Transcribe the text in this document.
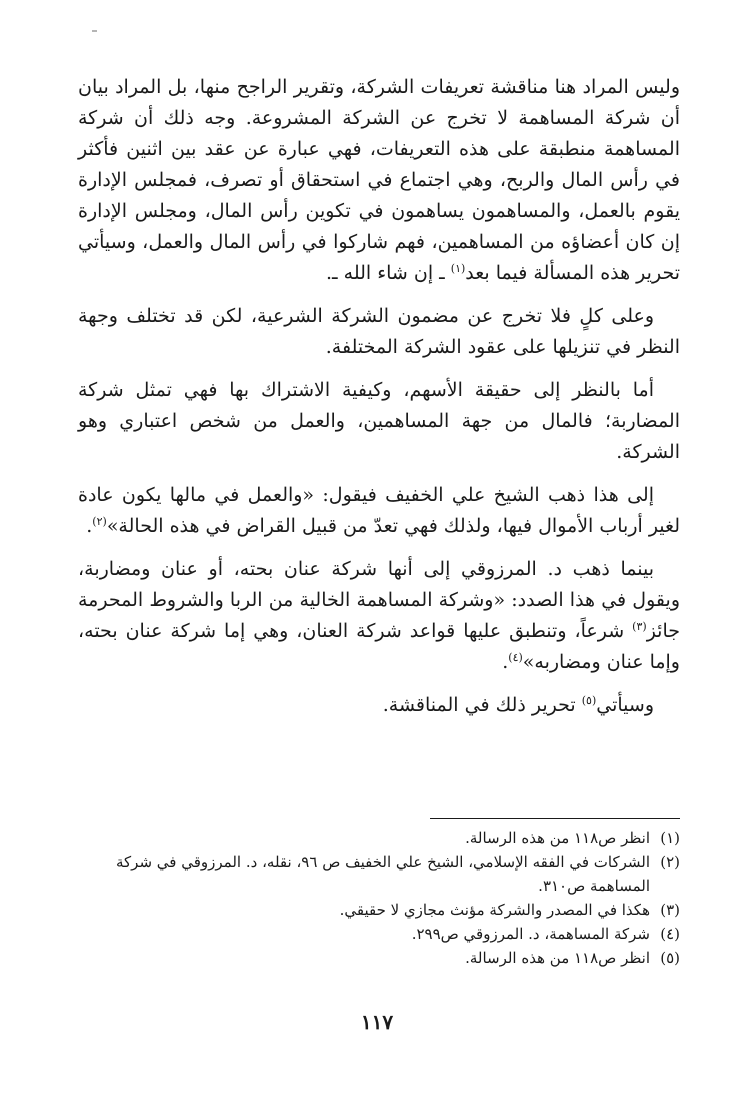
وليس المراد هنا مناقشة تعريفات الشركة، وتقرير الراجح منها، بل المراد بيان أن شركة المساهمة لا تخرج عن الشركة المشروعة. وجه ذلك أن شركة المساهمة منطبقة على هذه التعريفات، فهي عبارة عن عقد بين اثنين فأكثر في رأس المال والربح، وهي اجتماع في استحقاق أو تصرف، فمجلس الإدارة يقوم بالعمل، والمساهمون يساهمون في تكوين رأس المال، ومجلس الإدارة إن كان أعضاؤه من المساهمين، فهم شاركوا في رأس المال والعمل، وسيأتي تحرير هذه المسألة فيما بعد$^{(١)}$ ـ إن شاء الله ـ.

وعلى كلٍ فلا تخرج عن مضمون الشركة الشرعية، لكن قد تختلف وجهة النظر في تنزيلها على عقود الشركة المختلفة.

أما بالنظر إلى حقيقة الأسهم، وكيفية الاشتراك بها فهي تمثل شركة المضاربة؛ فالمال من جهة المساهمين، والعمل من شخص اعتباري وهو الشركة.

إلى هذا ذهب الشيخ علي الخفيف فيقول: «والعمل في مالها يكون عادة لغير أرباب الأموال فيها، ولذلك فهي تعدّ من قبيل القراض في هذه الحالة»$^{(٢)}$.

بينما ذهب د. المرزوقي إلى أنها شركة عنان بحته، أو عنان ومضاربة، ويقول في هذا الصدد: «وشركة المساهمة الخالية من الربا والشروط المحرمة جائز$^{(٣)}$ شرعاً، وتنطبق عليها قواعد شركة العنان، وهي إما شركة عنان بحته، وإما عنان ومضاربه»$^{(٤)}$.

وسيأتي$^{(٥)}$ تحرير ذلك في المناقشة.

(١)
انظر ص١١٨ من هذه الرسالة.
(٢)
الشركات في الفقه الإسلامي، الشيخ علي الخفيف ص ٩٦، نقله، د. المرزوقي في شركة المساهمة ص٣١٠.
(٣)
هكذا في المصدر والشركة مؤنث مجازي لا حقيقي.
(٤)
شركة المساهمة، د. المرزوقي ص٢٩٩.
(٥)
انظر ص١١٨ من هذه الرسالة.
١١٧
